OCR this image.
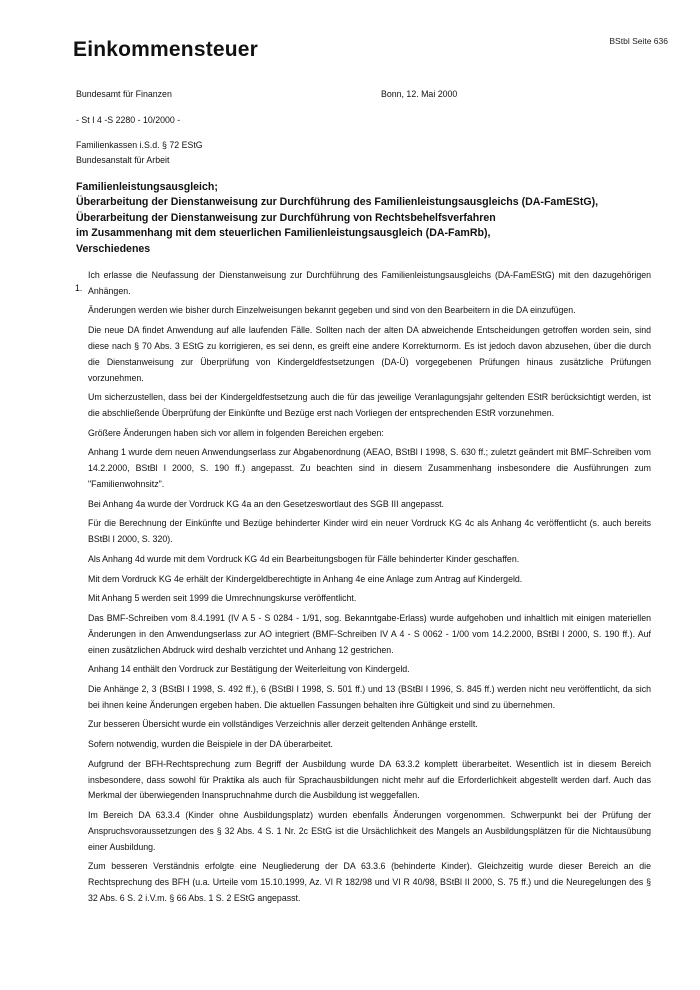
BStbl Seite 636
Einkommensteuer
Bundesamt für Finanzen	Bonn, 12. Mai 2000
- St I 4 -S 2280 - 10/2000 -
Familienkassen i.S.d. § 72 EStG
Bundesanstalt für Arbeit
Familienleistungsausgleich;
Überarbeitung der Dienstanweisung zur Durchführung des Familienleistungsausgleichs (DA-FamEStG),
Überarbeitung der Dienstanweisung zur Durchführung von Rechtsbehelfsverfahren
im Zusammenhang mit dem steuerlichen Familienleistungsausgleich (DA-FamRb),
Verschiedenes
1.

Ich erlasse die Neufassung der Dienstanweisung zur Durchführung des Familienleistungsausgleichs (DA-FamEStG) mit den dazugehörigen Anhängen.

Änderungen werden wie bisher durch Einzelweisungen bekannt gegeben und sind von den Bearbeitern in die DA einzufügen.

Die neue DA findet Anwendung auf alle laufenden Fälle. Sollten nach der alten DA abweichende Entscheidungen getroffen worden sein, sind diese nach § 70 Abs. 3 EStG zu korrigieren, es sei denn, es greift eine andere Korrekturnorm. Es ist jedoch davon abzusehen, über die durch die Dienstanweisung zur Überprüfung von Kindergeldfestsetzungen (DA-Ü) vorgegebenen Prüfungen hinaus zusätzliche Prüfungen vorzunehmen.

Um sicherzustellen, dass bei der Kindergeldfestsetzung auch die für das jeweilige Veranlagungsjahr geltenden EStR berücksichtigt werden, ist die abschließende Überprüfung der Einkünfte und Bezüge erst nach Vorliegen der entsprechenden EStR vorzunehmen.

Größere Änderungen haben sich vor allem in folgenden Bereichen ergeben:

Anhang 1 wurde dem neuen Anwendungserlass zur Abgabenordnung (AEAO, BStBl I 1998, S. 630 ff.; zuletzt geändert mit BMF-Schreiben vom 14.2.2000, BStBl I 2000, S. 190 ff.) angepasst. Zu beachten sind in diesem Zusammenhang insbesondere die Ausführungen zum "Familienwohnsitz".

Bei Anhang 4a wurde der Vordruck KG 4a an den Gesetzeswortlaut des SGB III angepasst.

Für die Berechnung der Einkünfte und Bezüge behinderter Kinder wird ein neuer Vordruck KG 4c als Anhang 4c veröffentlicht (s. auch bereits BStBl I 2000, S. 320).

Als Anhang 4d wurde mit dem Vordruck KG 4d ein Bearbeitungsbogen für Fälle behinderter Kinder geschaffen.

Mit dem Vordruck KG 4e erhält der Kindergeldberechtigte in Anhang 4e eine Anlage zum Antrag auf Kindergeld.

Mit Anhang 5 werden seit 1999 die Umrechnungskurse veröffentlicht.

Das BMF-Schreiben vom 8.4.1991 (IV A 5 - S 0284 - 1/91, sog. Bekanntgabe-Erlass) wurde aufgehoben und inhaltlich mit einigen materiellen Änderungen in den Anwendungserlass zur AO integriert (BMF-Schreiben IV A 4 - S 0062 - 1/00 vom 14.2.2000, BStBl I 2000, S. 190 ff.). Auf einen zusätzlichen Abdruck wird deshalb verzichtet und Anhang 12 gestrichen.

Anhang 14 enthält den Vordruck zur Bestätigung der Weiterleitung von Kindergeld.

Die Anhänge 2, 3 (BStBl I 1998, S. 492 ff.), 6 (BStBl I 1998, S. 501 ff.) und 13 (BStBl I 1996, S. 845 ff.) werden nicht neu veröffentlicht, da sich bei ihnen keine Änderungen ergeben haben. Die aktuellen Fassungen behalten ihre Gültigkeit und sind zu übernehmen.

Zur besseren Übersicht wurde ein vollständiges Verzeichnis aller derzeit geltenden Anhänge erstellt.

Sofern notwendig, wurden die Beispiele in der DA überarbeitet.

Aufgrund der BFH-Rechtsprechung zum Begriff der Ausbildung wurde DA 63.3.2 komplett überarbeitet. Wesentlich ist in diesem Bereich insbesondere, dass sowohl für Praktika als auch für Sprachausbildungen nicht mehr auf die Erforderlichkeit abgestellt werden darf. Auch das Merkmal der überwiegenden Inanspruchnahme durch die Ausbildung ist weggefallen.

Im Bereich DA 63.3.4 (Kinder ohne Ausbildungsplatz) wurden ebenfalls Änderungen vorgenommen. Schwerpunkt bei der Prüfung der Anspruchsvoraussetzungen des § 32 Abs. 4 S. 1 Nr. 2c EStG ist die Ursächlichkeit des Mangels an Ausbildungsplätzen für die Nichtausübung einer Ausbildung.

Zum besseren Verständnis erfolgte eine Neugliederung der DA 63.3.6 (behinderte Kinder). Gleichzeitig wurde dieser Bereich an die Rechtsprechung des BFH (u.a. Urteile vom 15.10.1999, Az. VI R 182/98 und VI R 40/98, BStBl II 2000, S. 75 ff.) und die Neuregelungen des § 32 Abs. 6 S. 2 i.V.m. § 66 Abs. 1 S. 2 EStG angepasst.
